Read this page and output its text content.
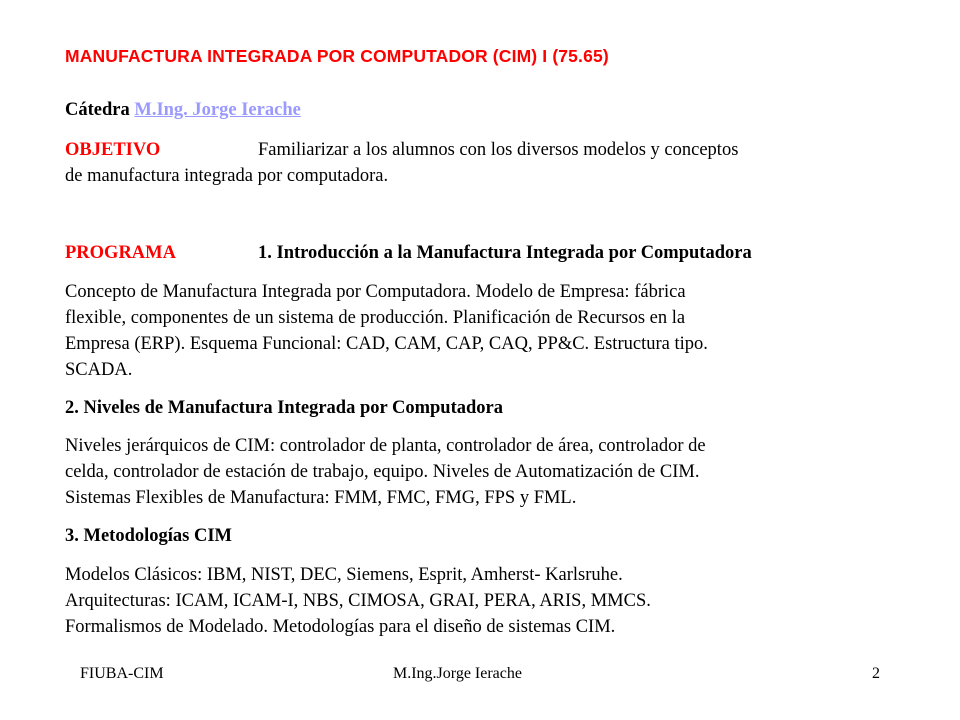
MANUFACTURA INTEGRADA POR COMPUTADOR (CIM) I (75.65)
Cátedra M.Ing. Jorge Ierache
OBJETIVO	Familiarizar a los alumnos con los diversos modelos y conceptos
de manufactura integrada por computadora.
PROGRAMA	1. Introducción a la Manufactura Integrada por Computadora
Concepto de Manufactura Integrada por Computadora. Modelo de Empresa: fábrica
flexible, componentes de un sistema de producción. Planificación de Recursos en la
Empresa (ERP). Esquema Funcional: CAD, CAM, CAP, CAQ, PP&C. Estructura tipo.
SCADA.
2. Niveles de Manufactura Integrada por Computadora
Niveles jerárquicos de CIM: controlador de planta, controlador de área, controlador de
celda, controlador de estación de trabajo, equipo. Niveles de Automatización de CIM.
Sistemas Flexibles de Manufactura: FMM, FMC, FMG, FPS y FML.
3. Metodologías CIM
Modelos Clásicos: IBM, NIST, DEC, Siemens, Esprit, Amherst- Karlsruhe.
Arquitecturas: ICAM, ICAM-I, NBS, CIMOSA, GRAI, PERA, ARIS, MMCS.
Formalismos de Modelado. Metodologías para el diseño de sistemas CIM.
FIUBA-CIM	M.Ing.Jorge Ierache	2
